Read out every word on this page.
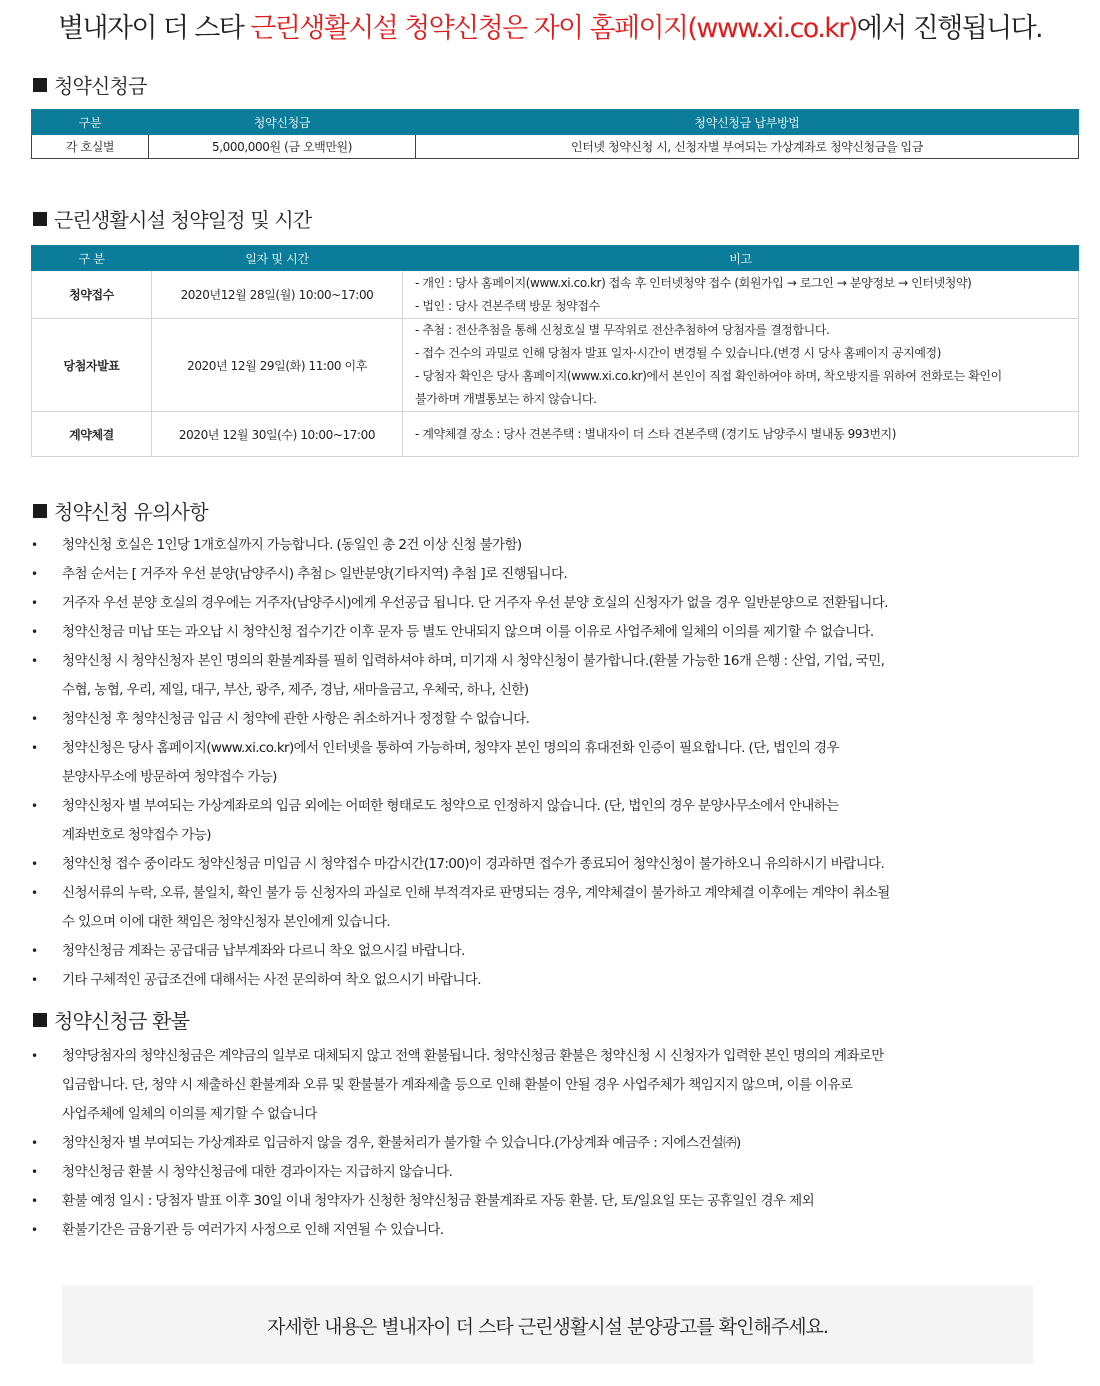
별내자이 더 스타 근린생활시설 청약신청은 자이 홈페이지(www.xi.co.kr)에서 진행됩니다.
청약신청금
구분	청약신청금	청약신청금 납부방법
각 호실별	5,000,000원 (금 오백만원)	인터넷 청약신청 시, 신청자별 부여되는 가상계좌로 청약신청금을 입금
근린생활시설 청약일정 및 시간
구 분	일자 및 시간	비고
청약접수	2020년12월 28일(월) 10:00~17:00	- 개인 : 당사 홈페이지(www.xi.co.kr) 접속 후 인터넷청약 접수 (회원가입 → 로그인 → 분양정보 → 인터넷청약)
- 법인 : 당사 견본주택 방문 청약접수

당첨자발표	2020년 12월 29일(화) 11:00 이후	- 추첨 : 전산추첨을 통해 신청호실 별 무작위로 전산추첨하여 당첨자를 결정합니다.
- 접수 건수의 과밀로 인해 당첨자 발표 일자·시간이 변경될 수 있습니다.(변경 시 당사 홈페이지 공지예정)
- 당첨자 확인은 당사 홈페이지(www.xi.co.kr)에서 본인이 직접 확인하여야 하며, 착오방지를 위하여 전화로는 확인이
불가하며 개별통보는 하지 않습니다.

계약체결	2020년 12월 30일(수) 10:00~17:00	- 계약체결 장소 : 당사 견본주택 : 별내자이 더 스타 견본주택 (경기도 남양주시 별내동 993번지)
청약신청 유의사항
• 청약신청 호실은 1인당 1개호실까지 가능합니다. (동일인 총 2건 이상 신청 불가함)
• 추첨 순서는 [ 거주자 우선 분양(남양주시) 추첨 ▷ 일반분양(기타지역) 추첨 ]로 진행됩니다.
• 거주자 우선 분양 호실의 경우에는 거주자(남양주시)에게 우선공급 됩니다. 단 거주자 우선 분양 호실의 신청자가 없을 경우 일반분양으로 전환됩니다.
• 청약신청금 미납 또는 과오납 시 청약신청 접수기간 이후 문자 등 별도 안내되지 않으며 이를 이유로 사업주체에 일체의 이의를 제기할 수 없습니다.
• 청약신청 시 청약신청자 본인 명의의 환불계좌를 필히 입력하셔야 하며, 미기재 시 청약신청이 불가합니다.(환불 가능한 16개 은행 : 산업, 기업, 국민,
수협, 농협, 우리, 제일, 대구, 부산, 광주, 제주, 경남, 새마을금고, 우체국, 하나, 신한)
• 청약신청 후 청약신청금 입금 시 청약에 관한 사항은 취소하거나 정정할 수 없습니다.
• 청약신청은 당사 홈페이지(www.xi.co.kr)에서 인터넷을 통하여 가능하며, 청약자 본인 명의의 휴대전화 인증이 필요합니다. (단, 법인의 경우
분양사무소에 방문하여 청약접수 가능)
• 청약신청자 별 부여되는 가상계좌로의 입금 외에는 어떠한 형태로도 청약으로 인정하지 않습니다. (단, 법인의 경우 분양사무소에서 안내하는
계좌번호로 청약접수 가능)
• 청약신청 접수 중이라도 청약신청금 미입금 시 청약접수 마감시간(17:00)이 경과하면 접수가 종료되어 청약신청이 불가하오니 유의하시기 바랍니다.
• 신청서류의 누락, 오류, 불일치, 확인 불가 등 신청자의 과실로 인해 부적격자로 판명되는 경우, 계약체결이 불가하고 계약체결 이후에는 계약이 취소될
수 있으며 이에 대한 책임은 청약신청자 본인에게 있습니다.
• 청약신청금 계좌는 공급대금 납부계좌와 다르니 착오 없으시길 바랍니다.
• 기타 구체적인 공급조건에 대해서는 사전 문의하여 착오 없으시기 바랍니다.
청약신청금 환불
• 청약당첨자의 청약신청금은 계약금의 일부로 대체되지 않고 전액 환불됩니다. 청약신청금 환불은 청약신청 시 신청자가 입력한 본인 명의의 계좌로만
입금합니다. 단, 청약 시 제출하신 환불계좌 오류 및 환불불가 계좌제출 등으로 인해 환불이 안될 경우 사업주체가 책임지지 않으며, 이를 이유로
사업주체에 일체의 이의를 제기할 수 없습니다
• 청약신청자 별 부여되는 가상계좌로 입금하지 않을 경우, 환불처리가 불가할 수 있습니다.(가상계좌 예금주 : 지에스건설㈜)
• 청약신청금 환불 시 청약신청금에 대한 경과이자는 지급하지 않습니다.
• 환불 예정 일시 : 당첨자 발표 이후 30일 이내 청약자가 신청한 청약신청금 환불계좌로 자동 환불. 단, 토/일요일 또는 공휴일인 경우 제외
• 환불기간은 금융기관 등 여러가지 사정으로 인해 지연될 수 있습니다.
자세한 내용은 별내자이 더 스타 근린생활시설 분양광고를 확인해주세요.
